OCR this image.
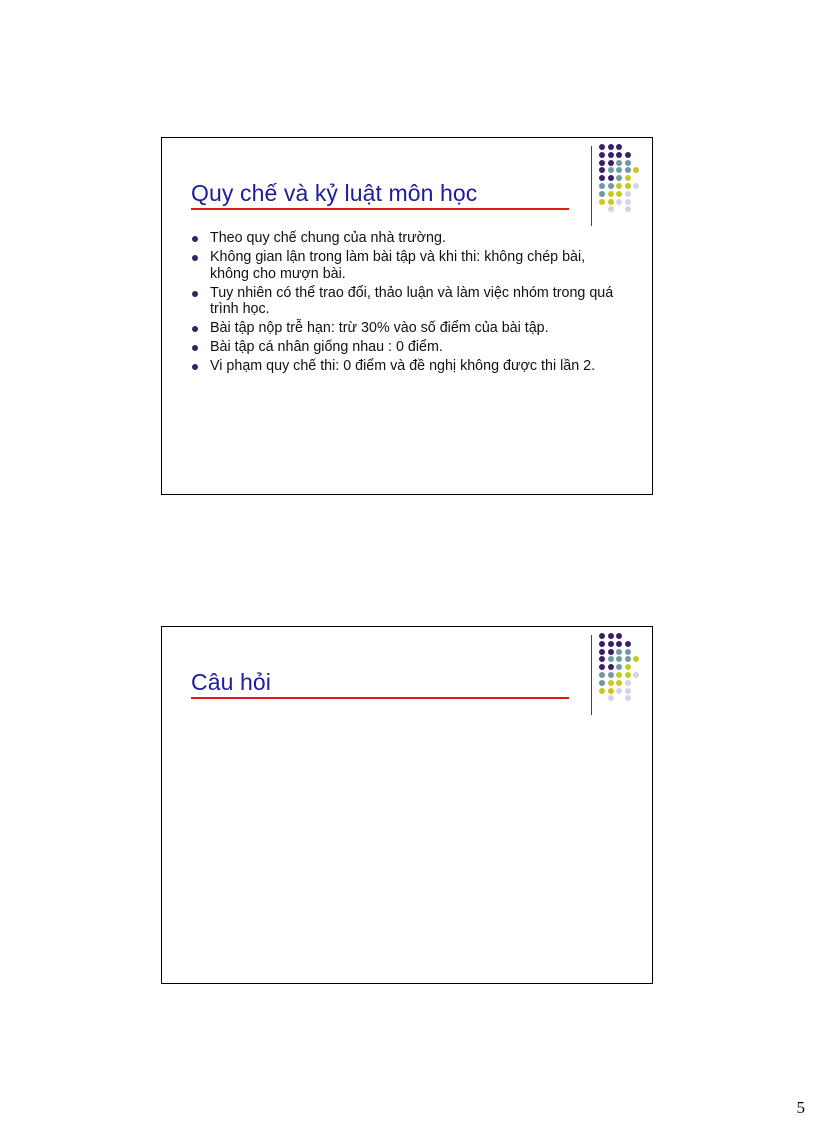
Quy chế và kỷ luật môn học
Theo quy chế chung của nhà trường.
Không gian lận trong làm bài tập và khi thi: không chép bài, không cho mượn bài.
Tuy nhiên có thể trao đổi, thảo luận và làm việc nhóm trong quá trình học.
Bài tập nộp trễ hạn: trừ 30% vào số điểm của bài tập.
Bài tập cá nhân giống nhau : 0 điểm.
Vi phạm quy chế thi: 0 điểm và đề nghị không được thi lần 2.
Câu hỏi
5
